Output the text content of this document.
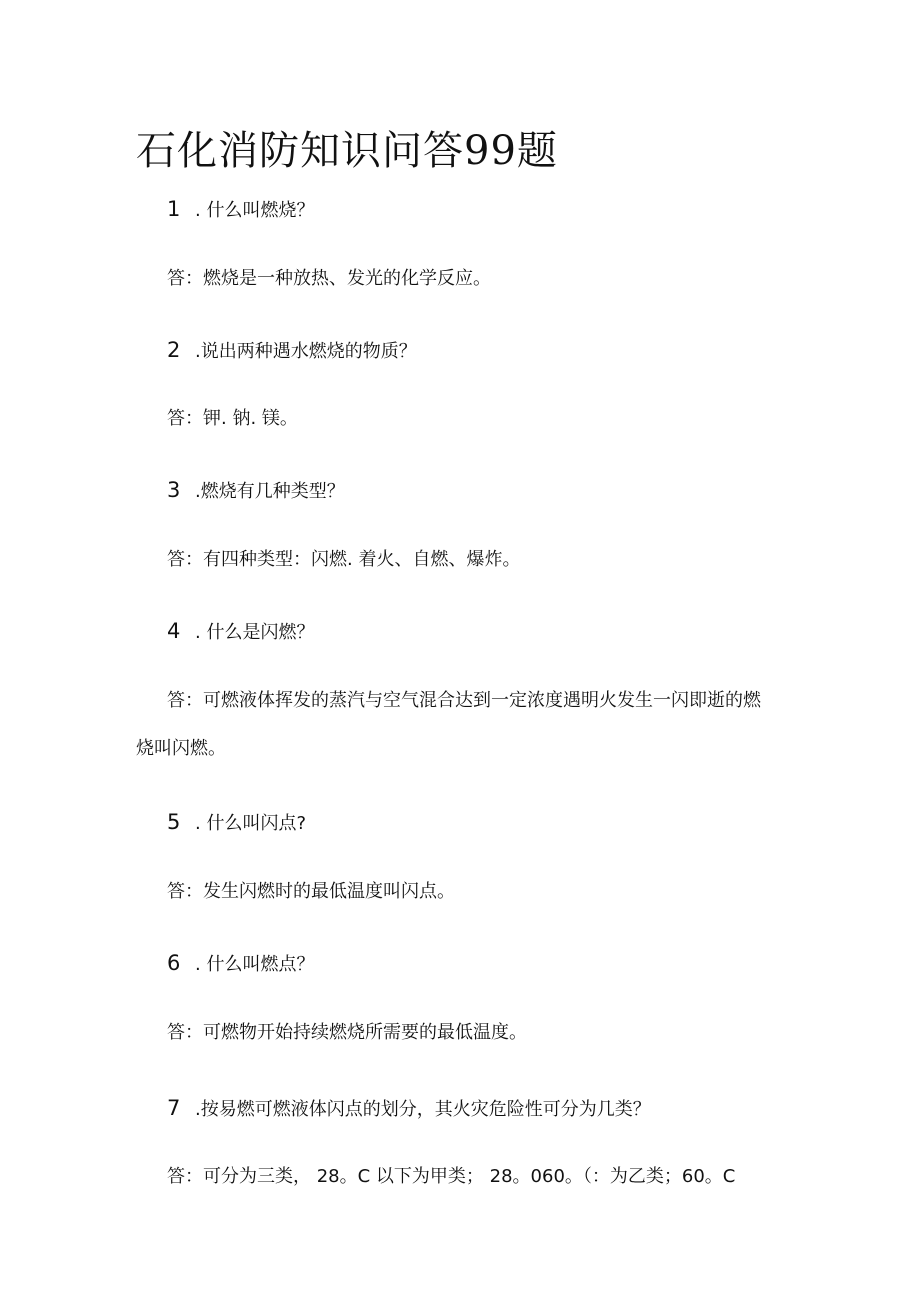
石化消防知识问答99题
1 . 什么叫燃烧？
答：燃烧是一种放热、发光的化学反应。
2 .说出两种遇水燃烧的物质？
答：钾. 钠. 镁。
3 .燃烧有几种类型？
答：有四种类型：闪燃. 着火、自燃、爆炸。
4 . 什么是闪燃？
答：可燃液体挥发的蒸汽与空气混合达到一定浓度遇明火发生一闪即逝的燃
烧叫闪燃。
5 . 什么叫闪点?
答：发生闪燃时的最低温度叫闪点。
6 . 什么叫燃点？
答：可燃物开始持续燃烧所需要的最低温度。
7 .按易燃可燃液体闪点的划分，其火灾危险性可分为几类？
答：可分为三类， 28。C 以下为甲类； 28。060。（：为乙类；60。C
